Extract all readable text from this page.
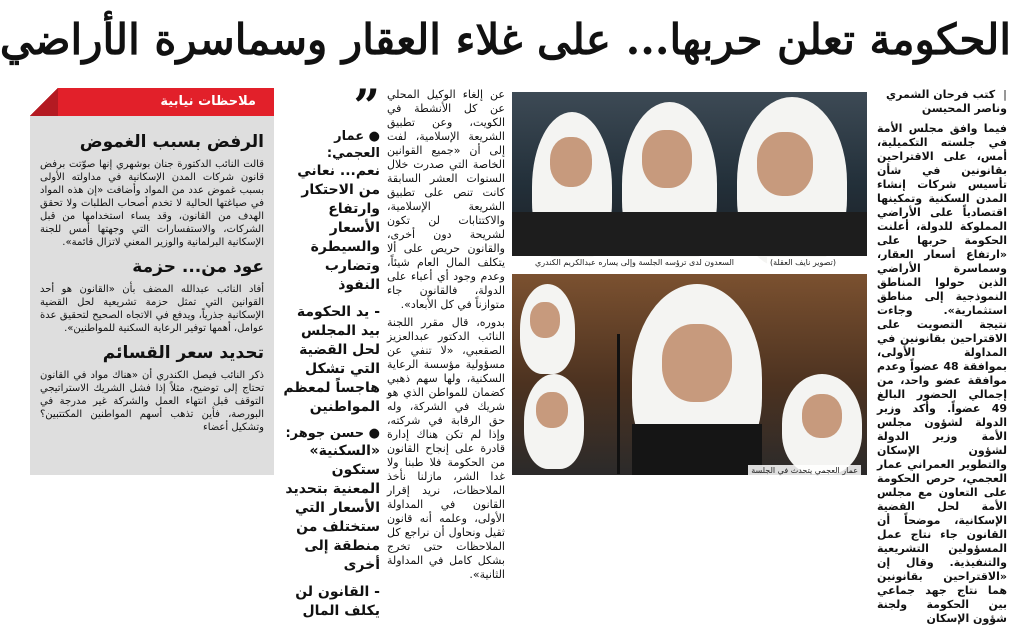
الحكومة تعلن حربها... على غلاء العقار وسماسرة الأراضي
| كتب فرحان الشمري وناصر المحيسن
فيما وافق مجلس الأمة في جلسته التكميلية، أمس، على الاقتراحين بقانونين في شأن تأسيس شركات إنشاء المدن السكنية وتمكينها اقتصادياً على الأراضي المملوكة للدولة، أعلنت الحكومة حربها على «ارتفاع أسعار العقار، وسماسرة الأراضي الذين حولوا المناطق النموذجية إلى مناطق استثمارية». وجاءت نتيجة التصويت على الاقتراحين بقانونين في المداولة الأولى، بموافقة 48 عضواً وعدم موافقة عضو واحد، من إجمالي الحضور البالغ 49 عضواً. وأكد وزير الدولة لشؤون مجلس الأمة وزير الدولة لشؤون الإسكان والتطوير العمراني عمار العجمي، حرص الحكومة على التعاون مع مجلس الأمة لحل القضية الإسكانية، موضحاً أن القانون جاء نتاج عمل المسؤولين التشريعية والتنفيذية. وقال إن «الاقتراحين بقانونين هما نتاج جهد جماعي بين الحكومة ولجنة شؤون الإسكان
السعدون لدى ترؤسه الجلسة وإلى يساره عبدالكريم الكندري	(تصوير نايف العقلة)
عمار العجمي يتحدث في الجلسة

عن إلغاء الوكيل المحلي عن كل الأنشطة في الكويت، وعن تطبيق الشريعة الإسلامية، لفت إلى أن «جميع القوانين الخاصة التي صدرت خلال السنوات العشر السابقة كانت تنص على تطبيق الشريعة الإسلامية، والاكتتابات لن تكون لشريحة دون أخرى، والقانون حريص على ألا يتكلف المال العام شيئاً، وعدم وجود أي أعباء على الدولة، فالقانون جاء متوازناً في كل الأبعاد».

بدوره، قال مقرر اللجنة النائب الدكتور عبدالعزيز الصقعبي، «لا تنفي عن مسؤولية مؤسسة الرعاية السكنية، ولها سهم ذهبي كضمان للمواطن الذي هو شريك في الشركة، وله حق الرقابة في شركته، وإذا لم تكن هناك إدارة قادرة على إنجاح القانون من الحكومة فلا طبنا ولا غدا الشر، مازلنا نأخذ الملاحظات، نريد إقرار القانون في المداولة الأولى، وعلمه أنه قانون ثقيل ونحاول أن نراجع كل الملاحظات حتى تخرج بشكل كامل في المداولة الثانية».

”
● عمار العجمي:
نعم... نعاني من الاحتكار وارتفاع الأسعار والسيطرة وتضارب النفوذ
- يد الحكومة بيد المجلس لحل القضية التي تشكل هاجساً لمعظم المواطنين
● حسن جوهر:
«السكنية» ستكون المعنية بتحديد الأسعار التي ستختلف من منطقة إلى أخرى
- القانون لن يكلف المال
ملاحظات نيابية
الرفض بسبب الغموض
قالت النائب الدكتورة جنان بوشهري إنها صوّتت برفض قانون شركات المدن الإسكانية في مداولته الأولى بسبب غموض عدد من المواد وأضافت «إن هذه المواد في صياغتها الحالية لا تخدم أصحاب الطلبات ولا تحقق الهدف من القانون، وقد يساء استخدامها من قبل الشركات، والاستفسارات التي وجهتها أمس للجنة الإسكانية البرلمانية والوزير المعني لاتزال قائمة».
عود من... حزمة
أفاد النائب عبدالله المضف بأن «القانون هو أحد القوانين التي تمثل حزمة تشريعية لحل القضية الإسكانية جذرياً، ويدفع في الاتجاه الصحيح لتحقيق عدة عوامل، أهمها توفير الرعاية السكنية للمواطنين».
تحديد سعر القسائم
ذكر النائب فيصل الكندري أن «هناك مواد في القانون تحتاج إلى توضيح، مثلاً إذا فشل الشريك الاستراتيجي التوقف قبل انتهاء العمل والشركة غير مدرجة في البورصة، فأين تذهب أسهم المواطنين المكتتبين؟ وتشكيل أعضاء
